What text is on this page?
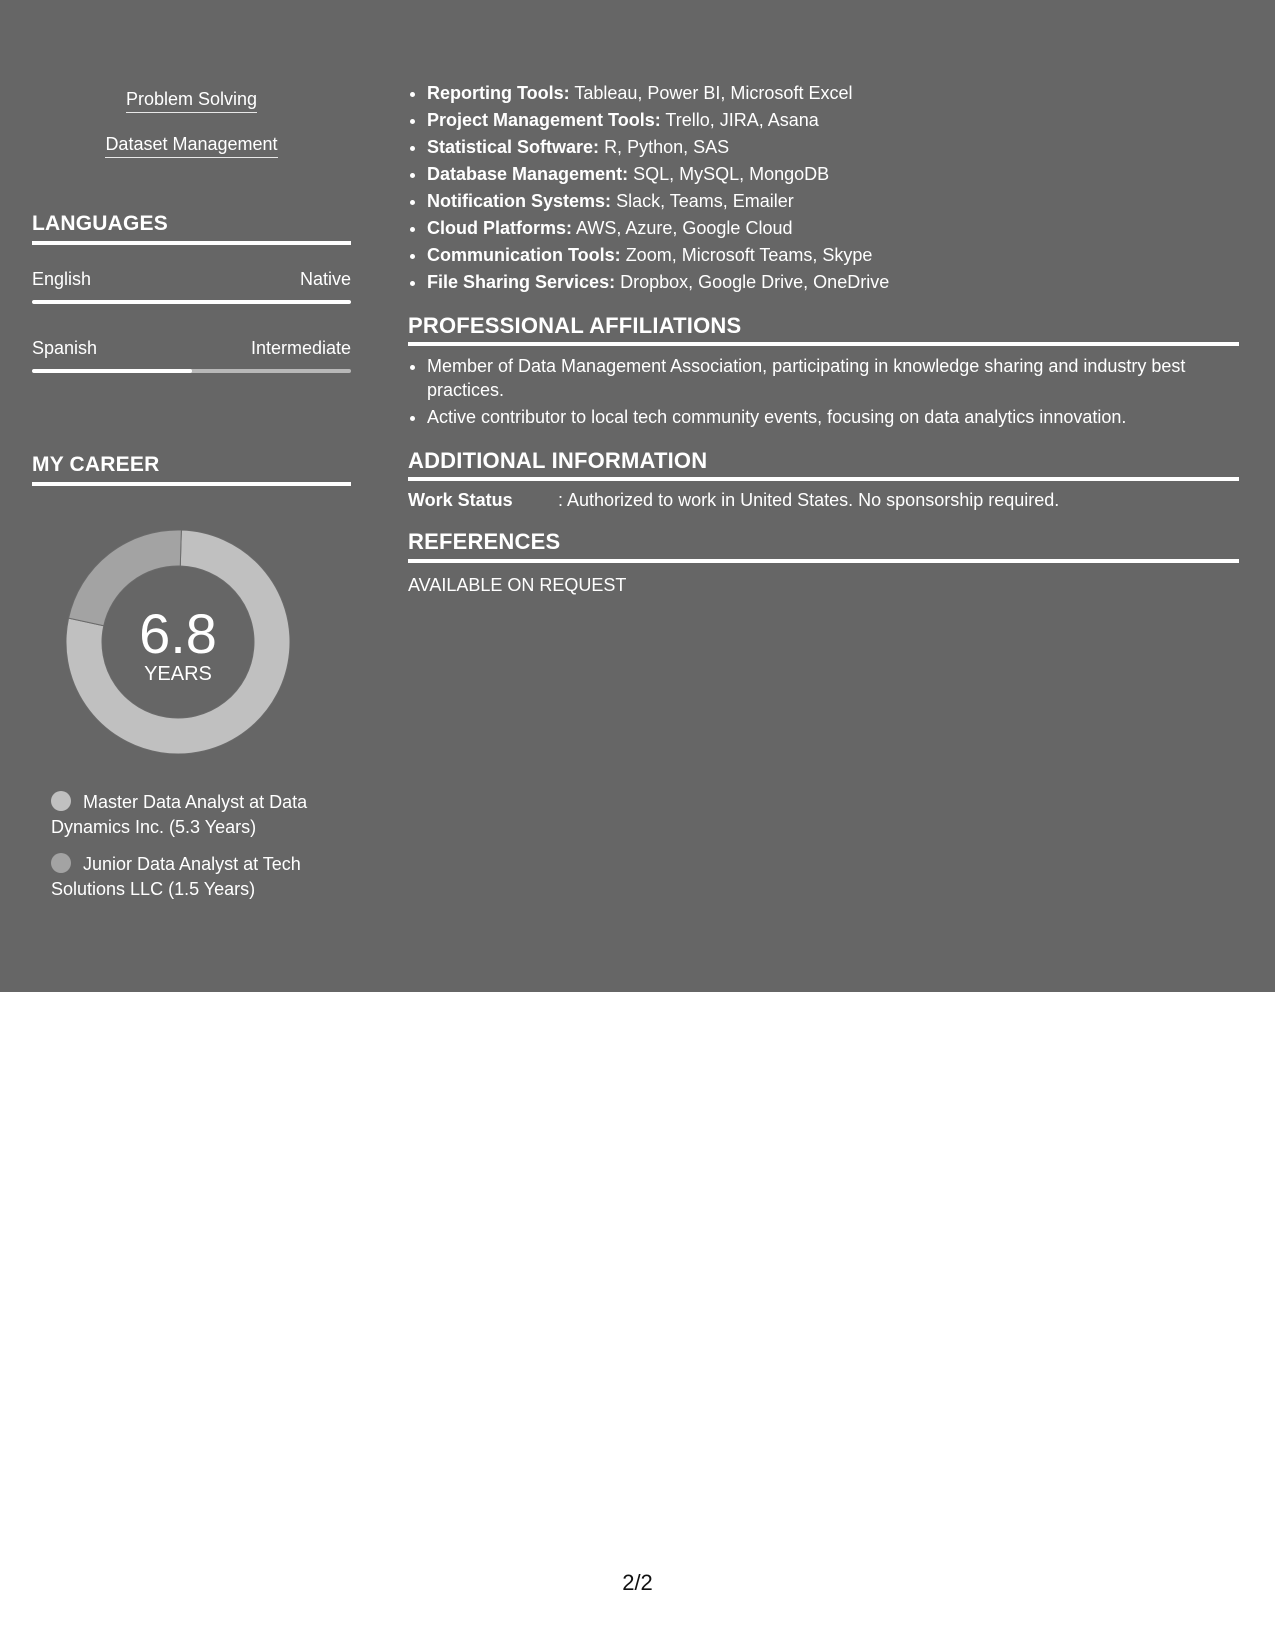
Problem Solving
Dataset Management
LANGUAGES
English	Native
Spanish	Intermediate
MY CAREER
6.8
YEARS
Master Data Analyst at Data Dynamics Inc. (5.3 Years)
Junior Data Analyst at Tech Solutions LLC (1.5 Years)
• Reporting Tools: Tableau, Power BI, Microsoft Excel
• Project Management Tools: Trello, JIRA, Asana
• Statistical Software: R, Python, SAS
• Database Management: SQL, MySQL, MongoDB
• Notification Systems: Slack, Teams, Emailer
• Cloud Platforms: AWS, Azure, Google Cloud
• Communication Tools: Zoom, Microsoft Teams, Skype
• File Sharing Services: Dropbox, Google Drive, OneDrive
PROFESSIONAL AFFILIATIONS
• Member of Data Management Association, participating in knowledge sharing and industry best practices.
• Active contributor to local tech community events, focusing on data analytics innovation.
ADDITIONAL INFORMATION
Work Status	: Authorized to work in United States. No sponsorship required.
REFERENCES
AVAILABLE ON REQUEST
2/2
